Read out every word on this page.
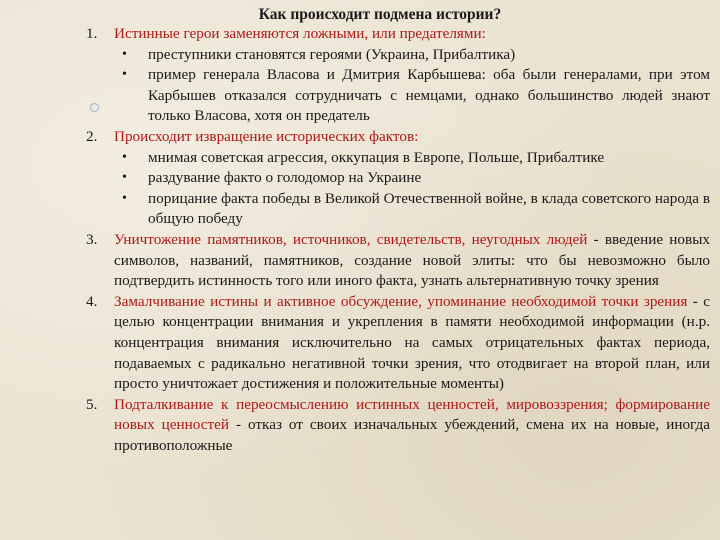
Как происходит подмена истории?
1. Истинные герои заменяются ложными, или предателями:
• преступники становятся героями (Украина, Прибалтика)
• пример генерала Власова и Дмитрия Карбышева: оба были генералами, при этом Карбышев отказался сотрудничать с немцами, однако большинство людей знают только Власова, хотя он предатель
2. Происходит извращение исторических фактов:
• мнимая советская агрессия, оккупация в Европе, Польше, Прибалтике
• раздувание факто о голодомор на Украине
• порицание факта победы в Великой Отечественной войне, в клада советского народа в общую победу
3. Уничтожение памятников, источников, свидетельств, неугодных людей - введение новых символов, названий, памятников, создание новой элиты: что бы невозможно было подтвердить истинность того или иного факта, узнать альтернативную точку зрения
4. Замалчивание истины и активное обсуждение, упоминание необходимой точки зрения - с целью концентрации внимания и укрепления в памяти необходимой информации (н.р. концентрация внимания исключительно на самых отрицательных фактах периода, подаваемых с радикально негативной точки зрения, что отодвигает на второй план, или просто уничтожает достижения и положительные моменты)
5. Подталкивание к переосмыслению истинных ценностей, мировоззрения; формирование новых ценностей - отказ от своих изначальных убеждений, смена их на новые, иногда противоположные
